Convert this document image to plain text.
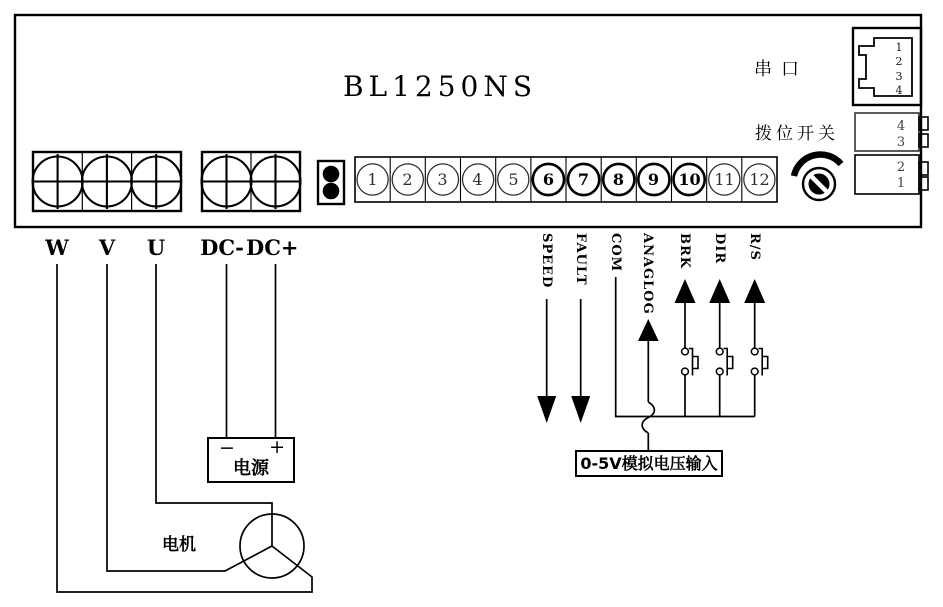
BL1250NS
串口
拨位开关
1	2	3	4	5	6	7	8	9	10 11 12
1
2
3
4
4
3
2
1
W	V	U	DC- DC+	SPEED FAULT COM ANAGLOG BRK DIR R/S
− +
电源
电机
0-5V模拟电压输入
